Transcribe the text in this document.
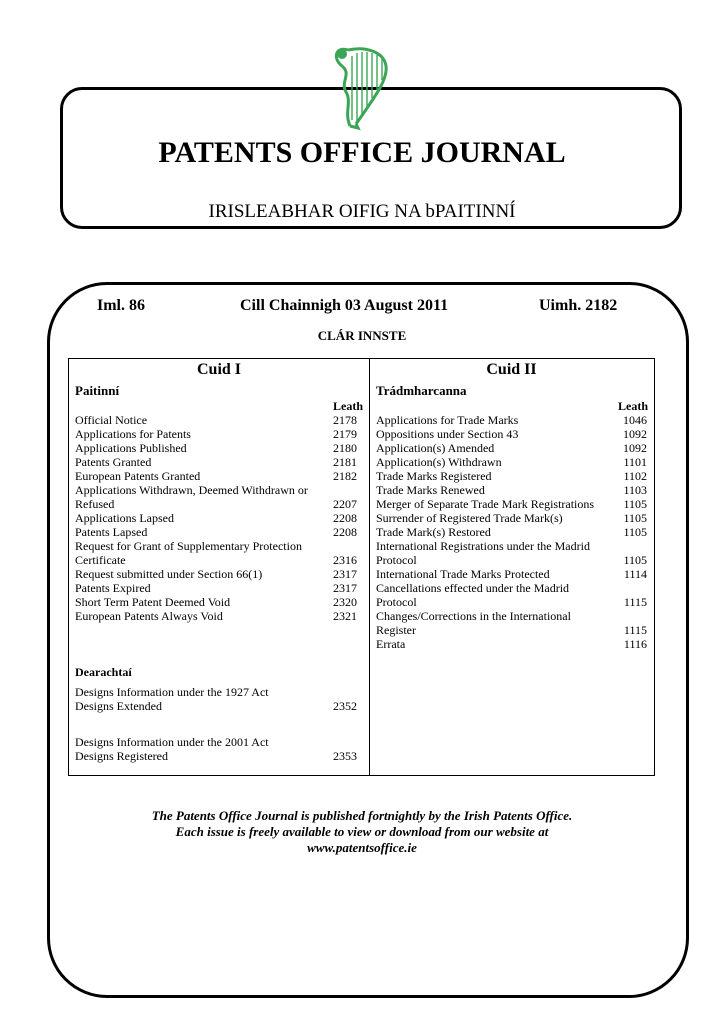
PATENTS OFFICE JOURNAL
IRISLEABHAR OIFIG NA bPAITINNÍ
Iml. 86	Cill Chainnigh 03 August 2011	Uimh. 2182
CLÁR INNSTE
Cuid I	Cuid II
Paitinní	Trádmharcanna
Leath	Leath
Official Notice	2178
Applications for Patents	2179
Applications Published	2180
Patents Granted	2181
European Patents Granted	2182
Applications Withdrawn, Deemed Withdrawn or Refused	2207
Applications Lapsed	2208
Patents Lapsed	2208
Request for Grant of Supplementary Protection Certificate	2316
Request submitted under Section 66(1)	2317
Patents Expired	2317
Short Term Patent Deemed Void	2320
European Patents Always Void	2321
Applications for Trade Marks	1046
Oppositions under Section 43	1092
Application(s) Amended	1092
Application(s) Withdrawn	1101
Trade Marks Registered	1102
Trade Marks Renewed	1103
Merger of Separate Trade Mark Registrations	1105
Surrender of Registered Trade Mark(s)	1105
Trade Mark(s) Restored	1105
International Registrations under the Madrid Protocol	1105
International Trade Marks Protected	1114
Cancellations effected under the Madrid Protocol	1115
Changes/Corrections in the International Register	1115
Errata	1116
Dearachtaí
Designs Information under the 1927 Act
Designs Extended	2352
Designs Information under the 2001 Act
Designs Registered	2353
The Patents Office Journal is published fortnightly by the Irish Patents Office.
Each issue is freely available to view or download from our website at
www.patentsoffice.ie
